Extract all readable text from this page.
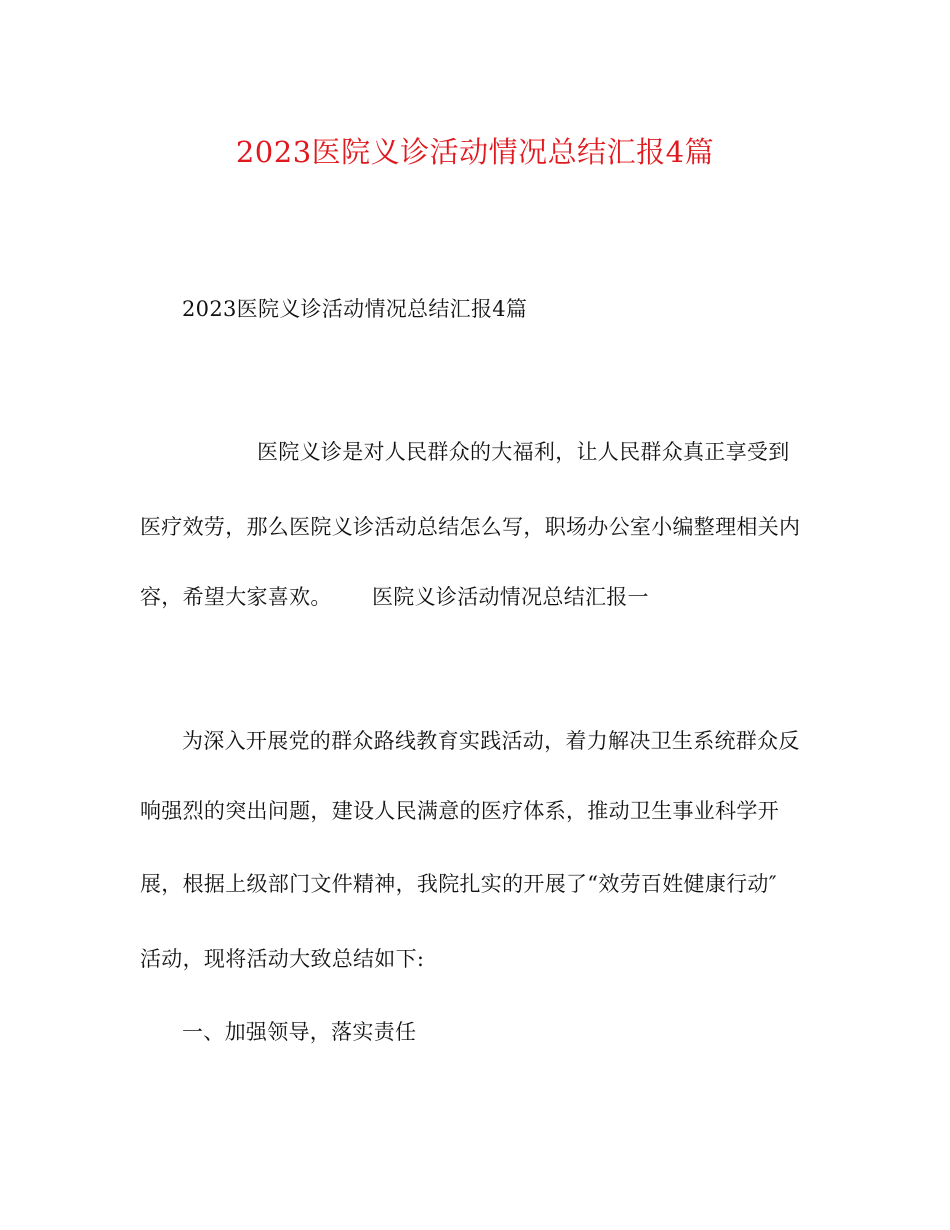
2023医院义诊活动情况总结汇报4篇
2023医院义诊活动情况总结汇报4篇
医院义诊是对人民群众的大福利，让人民群众真正享受到
医疗效劳，那么医院义诊活动总结怎么写，职场办公室小编整理相关内
容，希望大家喜欢。 医院义诊活动情况总结汇报一
为深入开展党的群众路线教育实践活动，着力解决卫生系统群众反
响强烈的突出问题，建设人民满意的医疗体系，推动卫生事业科学开
展，根据上级部门文件精神，我院扎实的开展了“效劳百姓健康行动″
活动，现将活动大致总结如下:
一、加强领导，落实责任
